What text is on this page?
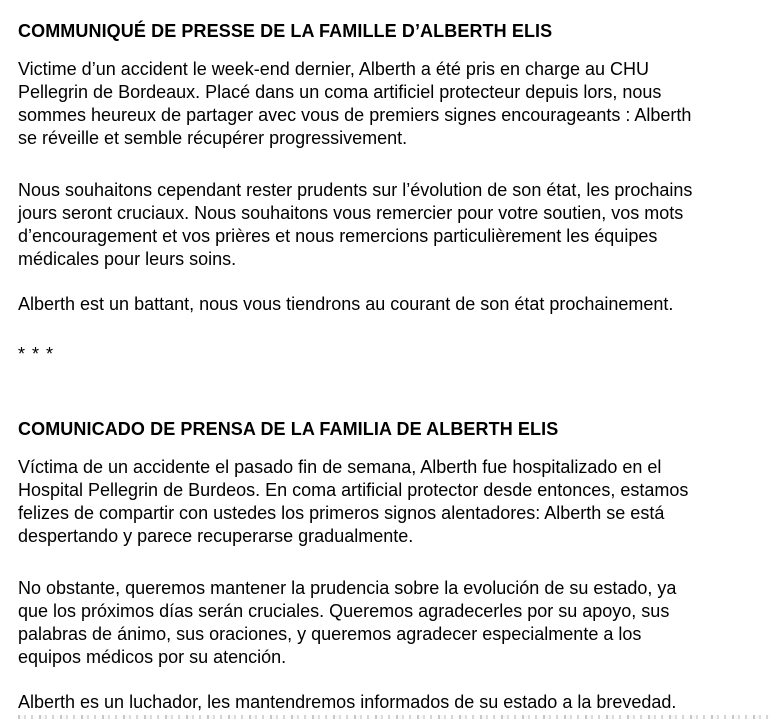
COMMUNIQUÉ DE PRESSE DE LA FAMILLE D’ALBERTH ELIS

Victime d’un accident le week-end dernier, Alberth a été pris en charge au CHU
Pellegrin de Bordeaux. Placé dans un coma artificiel protecteur depuis lors, nous
sommes heureux de partager avec vous de premiers signes encourageants : Alberth
se réveille et semble récupérer progressivement.

Nous souhaitons cependant rester prudents sur l’évolution de son état, les prochains
jours seront cruciaux. Nous souhaitons vous remercier pour votre soutien, vos mots
d’encouragement et vos prières et nous remercions particulièrement les équipes
médicales pour leurs soins.

Alberth est un battant, nous vous tiendrons au courant de son état prochainement.

* * *
COMUNICADO DE PRENSA DE LA FAMILIA DE ALBERTH ELIS

Víctima de un accidente el pasado fin de semana, Alberth fue hospitalizado en el
Hospital Pellegrin de Burdeos. En coma artificial protector desde entonces, estamos
felizes de compartir con ustedes los primeros signos alentadores: Alberth se está
despertando y parece recuperarse gradualmente.

No obstante, queremos mantener la prudencia sobre la evolución de su estado, ya
que los próximos días serán cruciales. Queremos agradecerles por su apoyo, sus
palabras de ánimo, sus oraciones, y queremos agradecer especialmente a los
equipos médicos por su atención.

Alberth es un luchador, les mantendremos informados de su estado a la brevedad.
